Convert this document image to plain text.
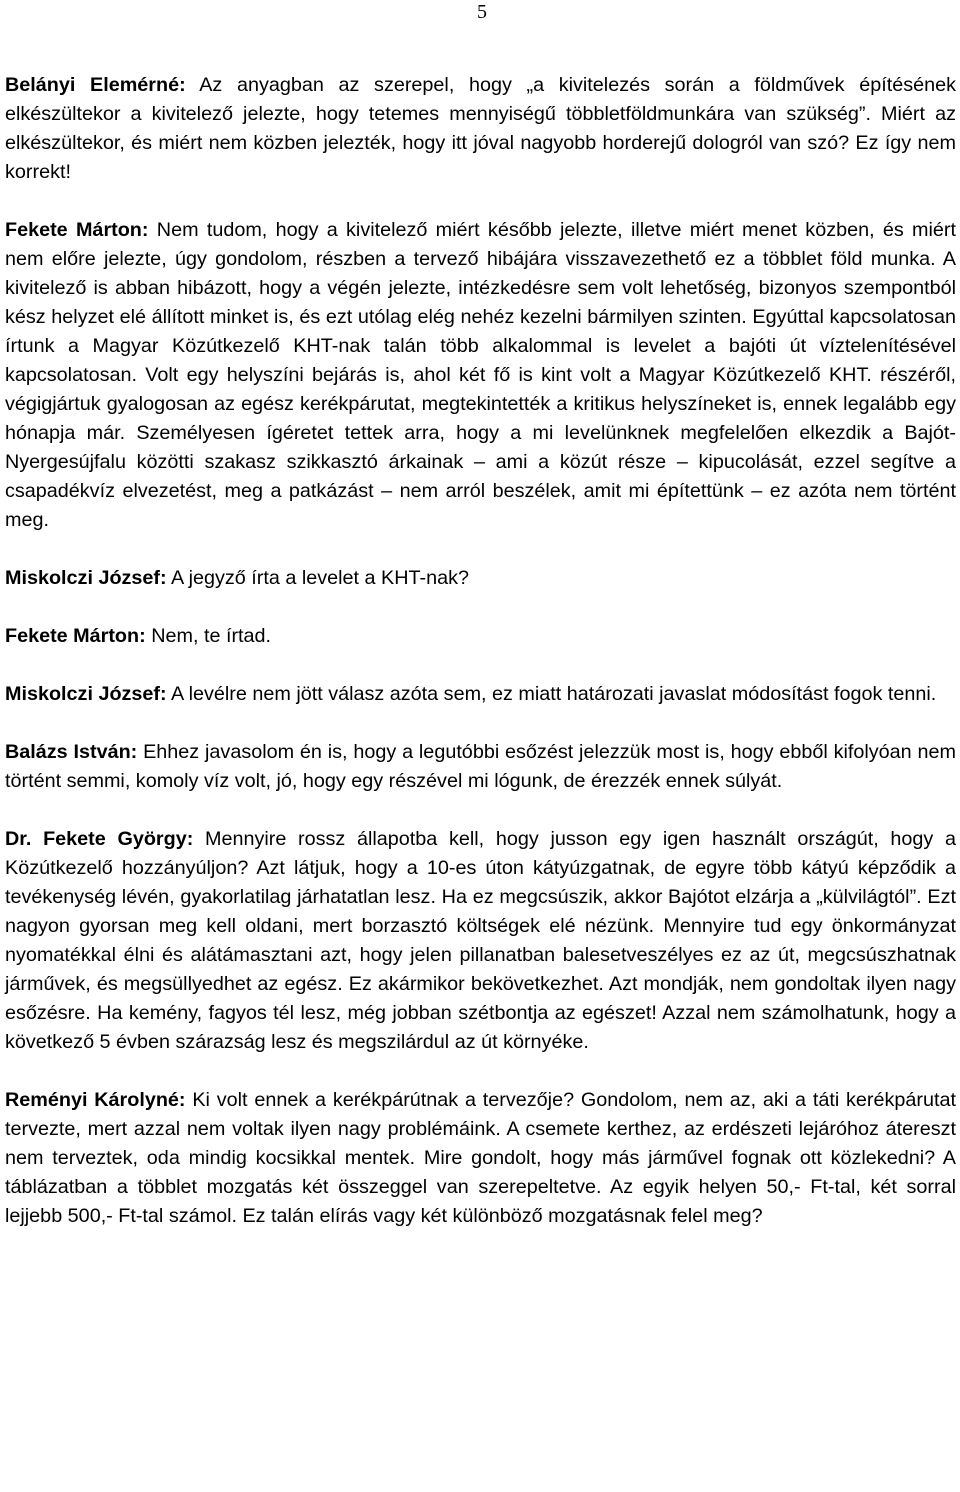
5

Belányi Elemérné: Az anyagban az szerepel, hogy „a kivitelezés során a földművek építésének elkészültekor a kivitelező jelezte, hogy tetemes mennyiségű többletföldmunkára van szükség”. Miért az elkészültekor, és miért nem közben jelezték, hogy itt jóval nagyobb horderejű dologról van szó? Ez így nem korrekt!

Fekete Márton: Nem tudom, hogy a kivitelező miért később jelezte, illetve miért menet közben, és miért nem előre jelezte, úgy gondolom, részben a tervező hibájára visszavezethető ez a többlet föld munka. A kivitelező is abban hibázott, hogy a végén jelezte, intézkedésre sem volt lehetőség, bizonyos szempontból kész helyzet elé állított minket is, és ezt utólag elég nehéz kezelni bármilyen szinten. Egyúttal kapcsolatosan írtunk a Magyar Közútkezelő KHT-nak talán több alkalommal is levelet a bajóti út víztelenítésével kapcsolatosan. Volt egy helyszíni bejárás is, ahol két fő is kint volt a Magyar Közútkezelő KHT. részéről, végigjártuk gyalogosan az egész kerékpárutat, megtekintették a kritikus helyszíneket is, ennek legalább egy hónapja már. Személyesen ígéretet tettek arra, hogy a mi levelünknek megfelelően elkezdik a Bajót-Nyergesújfalu közötti szakasz szikkasztó árkainak – ami a közút része – kipucolását, ezzel segítve a csapadékvíz elvezetést, meg a patkázást – nem arról beszélek, amit mi építettünk – ez azóta nem történt meg.

Miskolczi József: A jegyző írta a levelet a KHT-nak?

Fekete Márton: Nem, te írtad.

Miskolczi József: A levélre nem jött válasz azóta sem, ez miatt határozati javaslat módosítást fogok tenni.

Balázs István: Ehhez javasolom én is, hogy a legutóbbi esőzést jelezzük most is, hogy ebből kifolyóan nem történt semmi, komoly víz volt, jó, hogy egy részével mi lógunk, de érezzék ennek súlyát.

Dr. Fekete György: Mennyire rossz állapotba kell, hogy jusson egy igen használt országút, hogy a Közútkezelő hozzányúljon? Azt látjuk, hogy a 10-es úton kátyúzgatnak, de egyre több kátyú képződik a tevékenység lévén, gyakorlatilag járhatatlan lesz. Ha ez megcsúszik, akkor Bajótot elzárja a „külvilágtól”. Ezt nagyon gyorsan meg kell oldani, mert borzasztó költségek elé nézünk. Mennyire tud egy önkormányzat nyomatékkal élni és alátámasztani azt, hogy jelen pillanatban balesetveszélyes ez az út, megcsúszhatnak járművek, és megsüllyedhet az egész. Ez akármikor bekövetkezhet. Azt mondják, nem gondoltak ilyen nagy esőzésre. Ha kemény, fagyos tél lesz, még jobban szétbontja az egészet! Azzal nem számolhatunk, hogy a következő 5 évben szárazság lesz és megszilárdul az út környéke.

Reményi Károlyné: Ki volt ennek a kerékpárútnak a tervezője? Gondolom, nem az, aki a táti kerékpárutat tervezte, mert azzal nem voltak ilyen nagy problémáink. A csemete kerthez, az erdészeti lejáróhoz átereszt nem terveztek, oda mindig kocsikkal mentek. Mire gondolt, hogy más járművel fognak ott közlekedni? A táblázatban a többlet mozgatás két összeggel van szerepeltetve. Az egyik helyen 50,- Ft-tal, két sorral lejjebb 500,- Ft-tal számol. Ez talán elírás vagy két különböző mozgatásnak felel meg?
